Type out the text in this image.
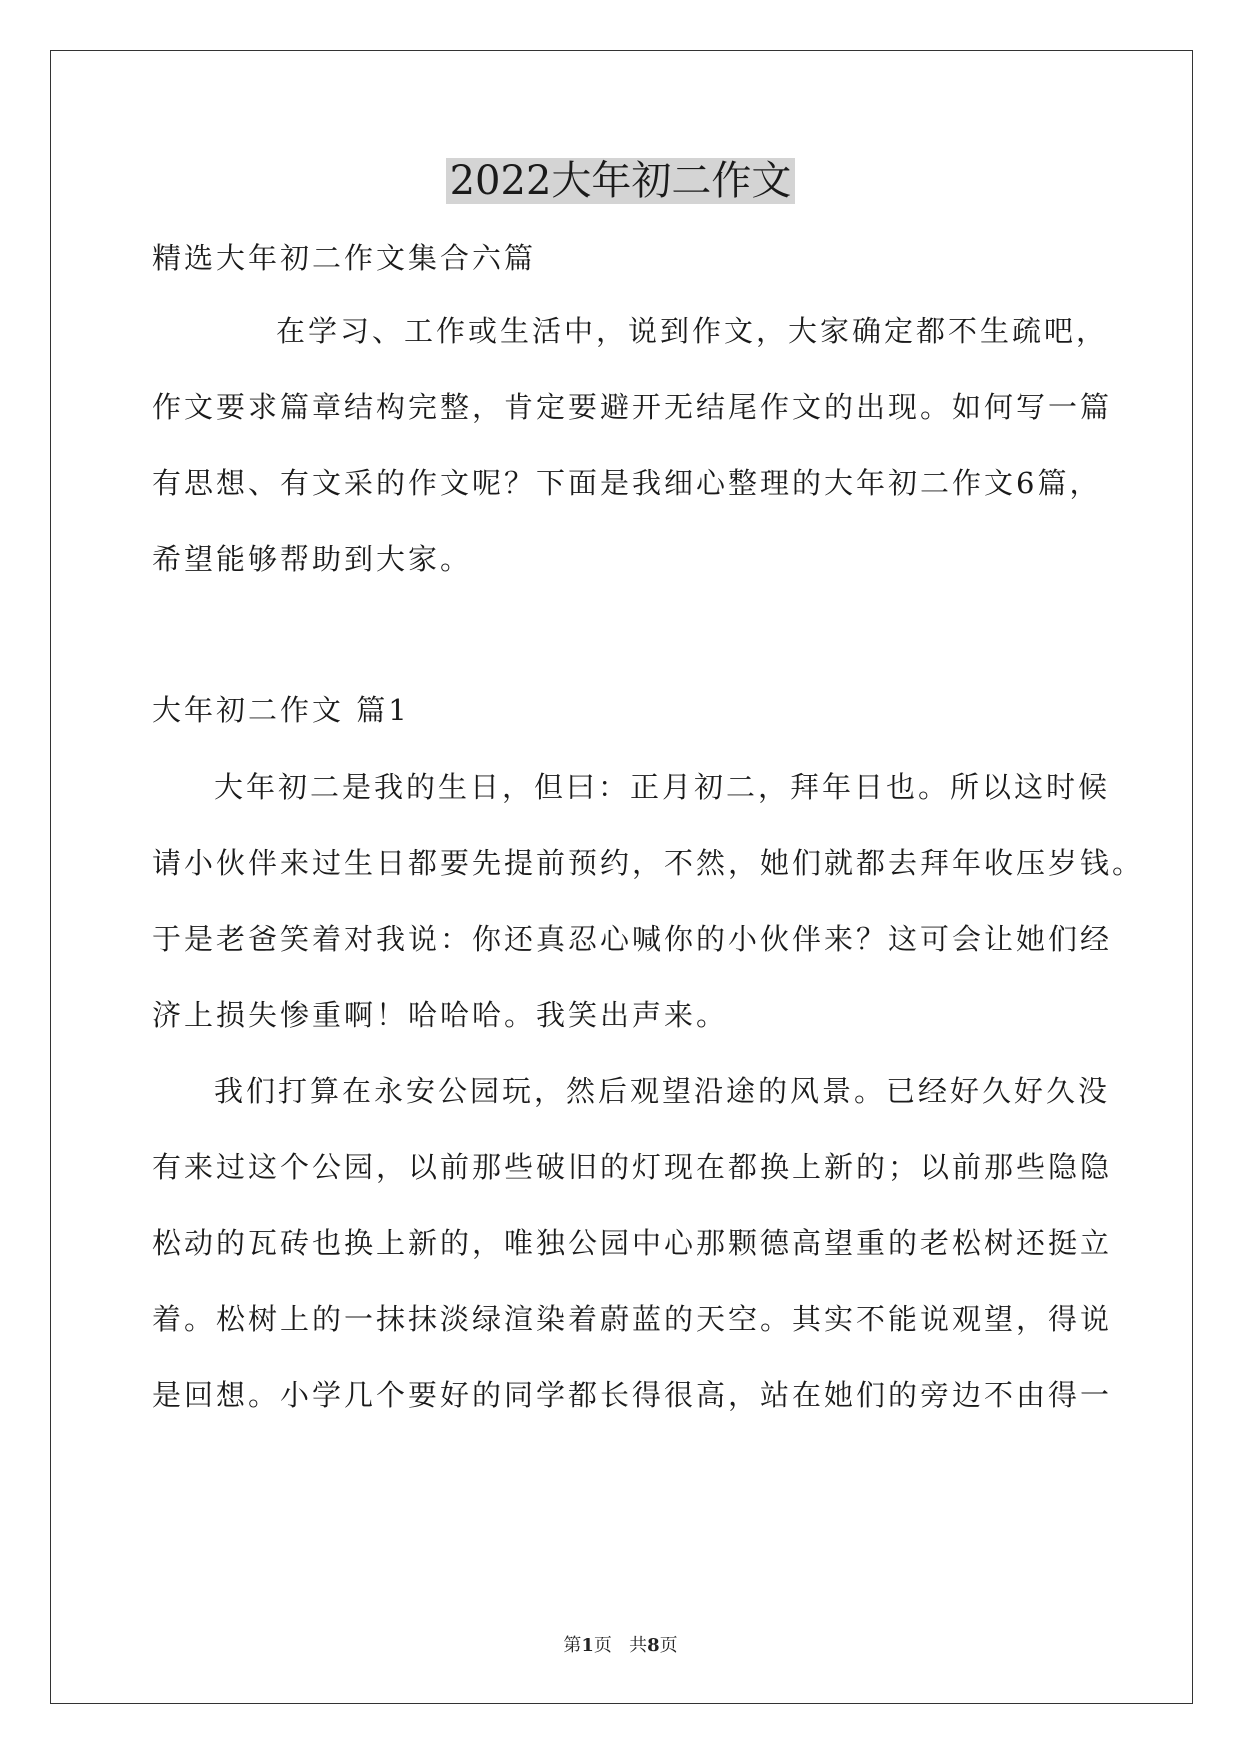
2022大年初二作文
精选大年初二作文集合六篇
在学习、工作或生活中，说到作文，大家确定都不生疏吧，
作文要求篇章结构完整，肯定要避开无结尾作文的出现。如何写一篇
有思想、有文采的作文呢？下面是我细心整理的大年初二作文6篇，
希望能够帮助到大家。
大年初二作文 篇1
大年初二是我的生日，但曰：正月初二，拜年日也。所以这时候
请小伙伴来过生日都要先提前预约，不然，她们就都去拜年收压岁钱。
于是老爸笑着对我说：你还真忍心喊你的小伙伴来？这可会让她们经
济上损失惨重啊！哈哈哈。我笑出声来。
我们打算在永安公园玩，然后观望沿途的风景。已经好久好久没
有来过这个公园，以前那些破旧的灯现在都换上新的；以前那些隐隐
松动的瓦砖也换上新的，唯独公园中心那颗德高望重的老松树还挺立
着。松树上的一抹抹淡绿渲染着蔚蓝的天空。其实不能说观望，得说
是回想。小学几个要好的同学都长得很高，站在她们的旁边不由得一
第1页 共8页
